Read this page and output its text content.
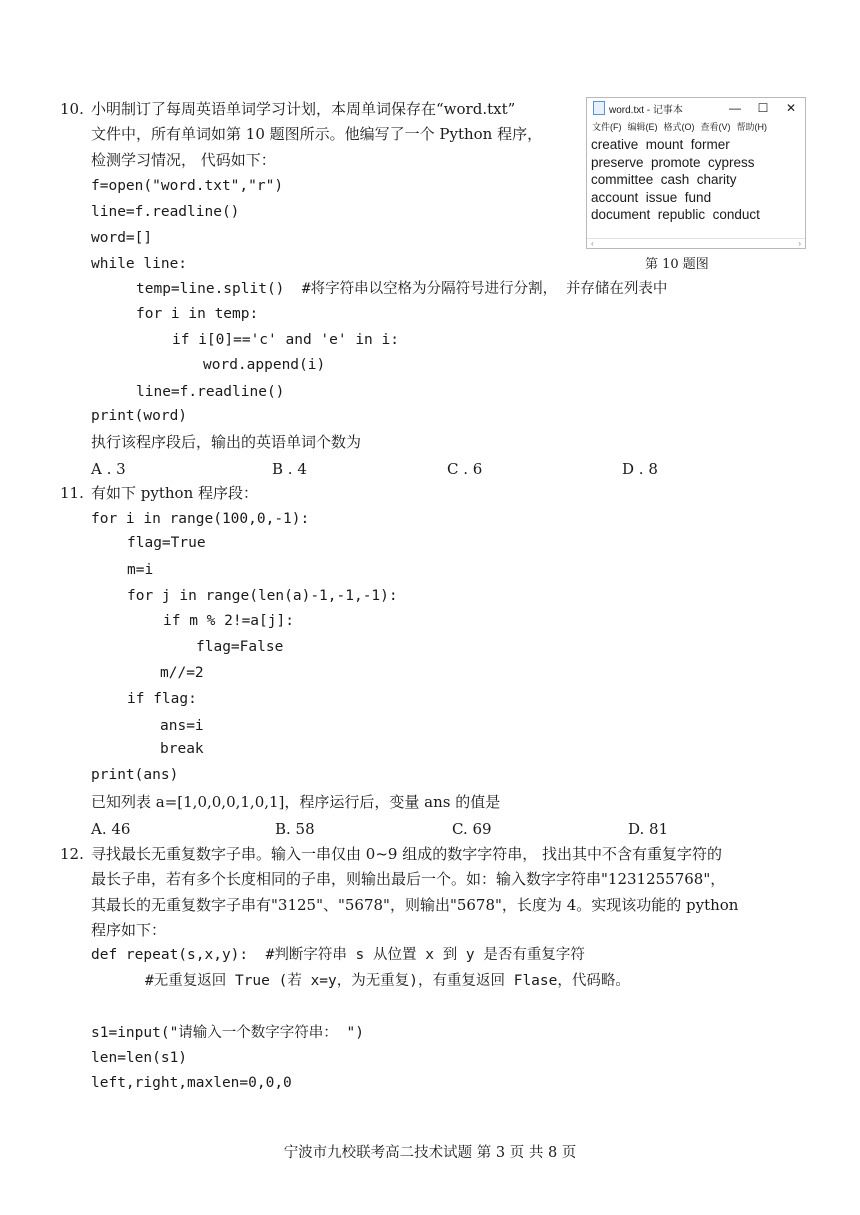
10. 小明制订了每周英语单词学习计划，本周单词保存在“word.txt”
文件中，所有单词如第 10 题图所示。他编写了一个 Python 程序，
检测学习情况， 代码如下：
f=open("word.txt","r")
line=f.readline()
word=[]
while line:
temp=line.split()  #将字符串以空格为分隔符号进行分割， 并存储在列表中
for i in temp:
if i[0]=='c' and 'e' in i:
word.append(i)
line=f.readline()
print(word)
执行该程序段后，输出的英语单词个数为
A . 3	B . 4	C . 6	D . 8
word.txt - 记事本	—	☐	✕
文件(F) 编辑(E) 格式(O) 查看(V) 帮助(H)
creative  mount  former
preserve  promote  cypress
committee  cash  charity
account  issue  fund
document  republic  conduct
‹	›
第 10 题图
11. 有如下 python 程序段：
for i in range(100,0,-1):
flag=True
m=i
for j in range(len(a)-1,-1,-1):
if m % 2!=a[j]:
flag=False
m//=2
if flag:
ans=i
break
print(ans)
已知列表 a=[1,0,0,0,1,0,1]，程序运行后，变量 ans 的值是
A. 46	B. 58	C. 69	D. 81
12. 寻找最长无重复数字子串。输入一串仅由 0~9 组成的数字字符串， 找出其中不含有重复字符的
最长子串，若有多个长度相同的子串，则输出最后一个。如：输入数字字符串"1231255768"，
其最长的无重复数字子串有"3125"、"5678"，则输出"5678"，长度为 4。实现该功能的 python
程序如下：
def repeat(s,x,y):  #判断字符串 s 从位置 x 到 y 是否有重复字符
#无重复返回 True (若 x=y，为无重复)，有重复返回 Flase，代码略。
s1=input("请输入一个数字字符串： ")
len=len(s1)
left,right,maxlen=0,0,0
宁波市九校联考高二技术试题 第 3 页 共 8 页
